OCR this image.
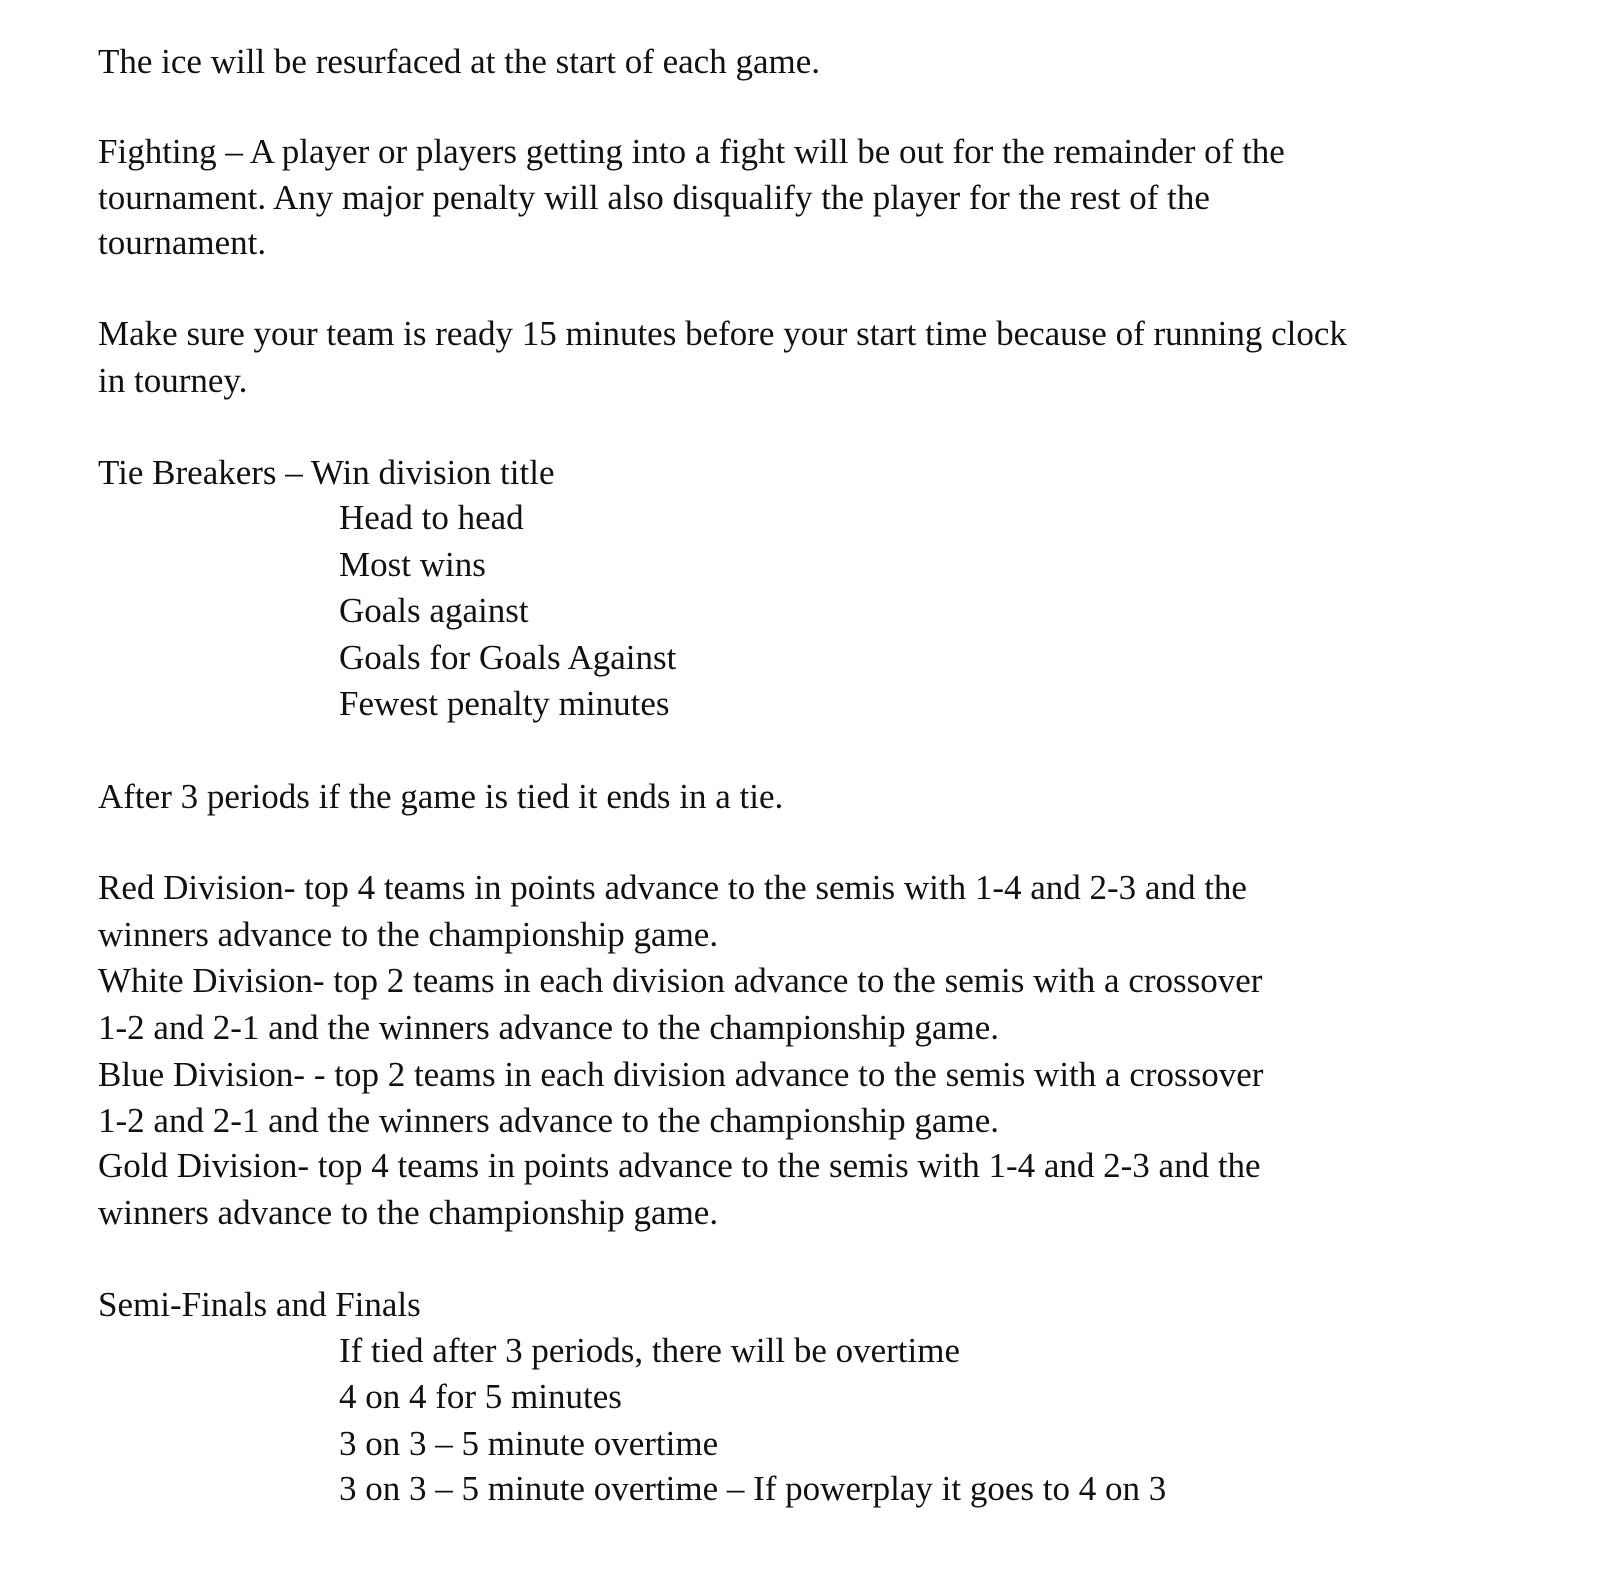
The ice will be resurfaced at the start of each game.
Fighting – A player or players getting into a fight will be out for the remainder of the
tournament. Any major penalty will also disqualify the player for the rest of the
tournament.
Make sure your team is ready 15 minutes before your start time because of running clock
in tourney.
Tie Breakers – Win division title
Head to head
Most wins
Goals against
Goals for Goals Against
Fewest penalty minutes
After 3 periods if the game is tied it ends in a tie.
Red Division- top 4 teams in points advance to the semis with 1-4 and 2-3 and the
winners advance to the championship game.
White Division- top 2 teams in each division advance to the semis with a crossover
1-2 and 2-1 and the winners advance to the championship game.
Blue Division- - top 2 teams in each division advance to the semis with a crossover
1-2 and 2-1 and the winners advance to the championship game.
Gold Division- top 4 teams in points advance to the semis with 1-4 and 2-3 and the
winners advance to the championship game.
Semi-Finals and Finals
If tied after 3 periods, there will be overtime
4 on 4 for 5 minutes
3 on 3 – 5 minute overtime
3 on 3 – 5 minute overtime – If powerplay it goes to 4 on 3
